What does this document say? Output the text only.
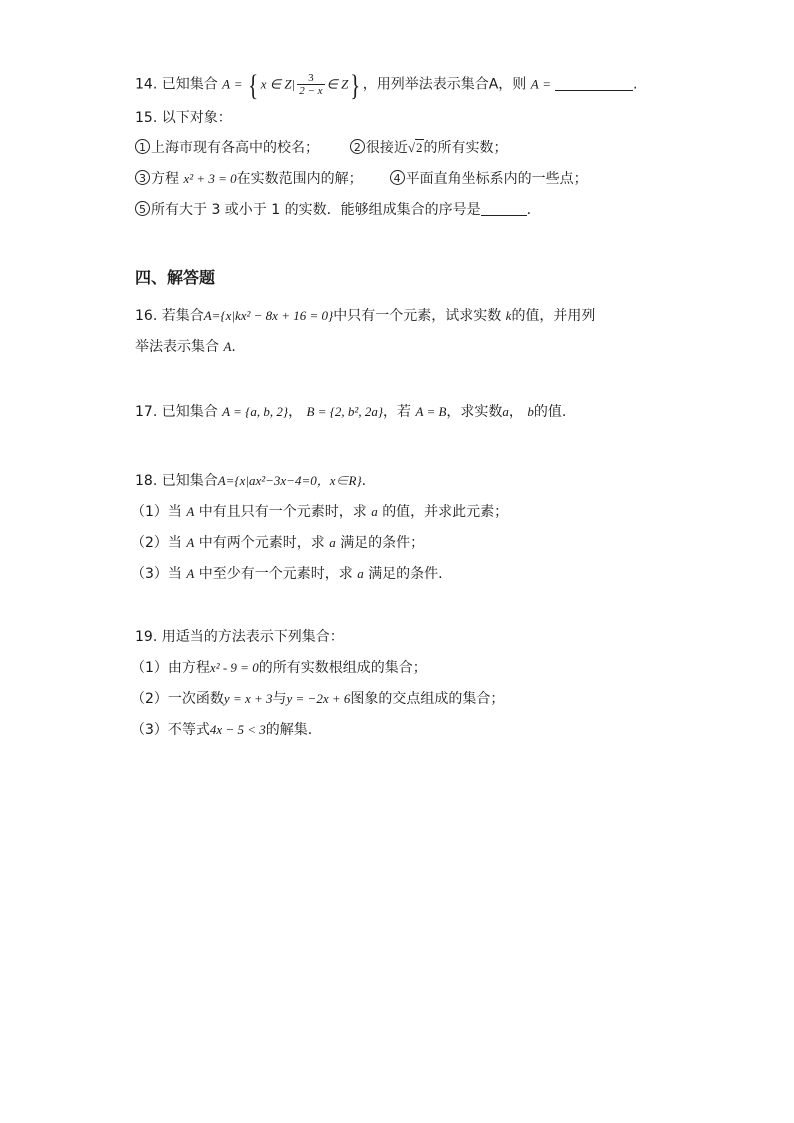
14. 已知集合 A = { x ∈ $Z| \frac{3}{2 - x}$ ∈ Z} ，用列举法表示集合A，则 A =	.
15. 以下对象：
1 上海市现有各高中的校名；	2 很接近√2的所有实数；
3 方程 x² + 3 = 0在实数范围内的解；	4 平面直角坐标系内的一些点；
5 所有大于 3 或小于 1 的实数．能够组成集合的序号是	.
四、解答题
16. 若集合A={x|kx² − 8x + 16 = 0}中只有一个元素，试求实数 k的值，并用列
举法表示集合 A.
17. 已知集合 A = {a, b, 2}， B = {2, b², 2a}，若 A = B，求实数a， b的值.
18. 已知集合A={x|ax²−3x−4=0，x∈R}.
（1）当 A 中有且只有一个元素时，求 a 的值，并求此元素；
（2）当 A 中有两个元素时，求 a 满足的条件；
（3）当 A 中至少有一个元素时，求 a 满足的条件.
19. 用适当的方法表示下列集合：
（1）由方程x² - 9 = 0的所有实数根组成的集合；
（2）一次函数y = x + 3与y = −2x + 6图象的交点组成的集合；
（3）不等式4x − 5 < 3的解集.
